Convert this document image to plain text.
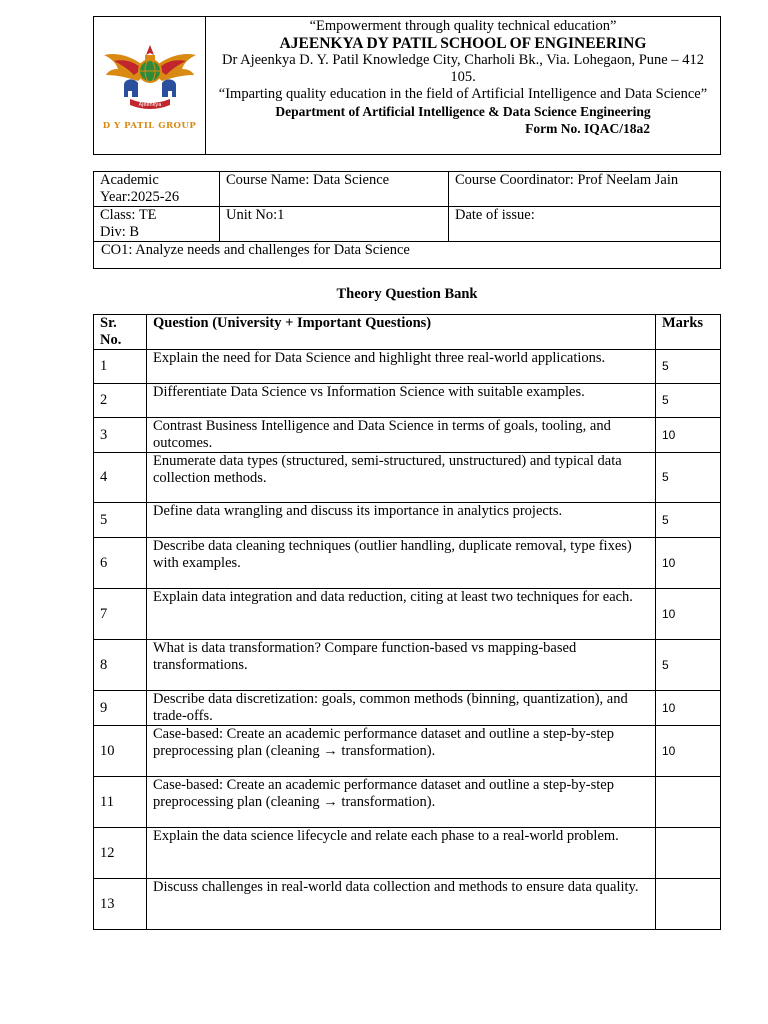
Ajeenkya
D Y PATIL GROUP

“Empowerment through quality technical education”
AJEENKYA DY PATIL SCHOOL OF ENGINEERING
Dr Ajeenkya D. Y. Patil Knowledge City, Charholi Bk., Via. Lohegaon, Pune – 412 105.
“Imparting quality education in the field of Artificial Intelligence and Data Science”
Department of Artificial Intelligence & Data Science Engineering
Form No. IQAC/18a2
Academic Year:2025-26	Course Name: Data Science	Course Coordinator: Prof Neelam Jain

Class: TE
Div: B	Unit No:1	Date of issue:
CO1: Analyze needs and challenges for Data Science		
Theory Question Bank
Sr. No.	Question (University + Important Questions)	Marks
1	Explain the need for Data Science and highlight three real-world applications.	5
2	Differentiate Data Science vs Information Science with suitable examples.	5
3	Contrast Business Intelligence and Data Science in terms of goals, tooling, and outcomes.	10
4	Enumerate data types (structured, semi-structured, unstructured) and typical data collection methods.	5
5	Define data wrangling and discuss its importance in analytics projects.	5
6	Describe data cleaning techniques (outlier handling, duplicate removal, type fixes) with examples.	10
7	Explain data integration and data reduction, citing at least two techniques for each.	10
8	What is data transformation? Compare function-based vs mapping-based transformations.	5
9	Describe data discretization: goals, common methods (binning, quantization), and trade-offs.	10
10	Case-based: Create an academic performance dataset and outline a step-by-step preprocessing plan (cleaning → transformation).	10
11	Case-based: Create an academic performance dataset and outline a step-by-step preprocessing plan (cleaning → transformation).	
12	Explain the data science lifecycle and relate each phase to a real-world problem.	
13	Discuss challenges in real-world data collection and methods to ensure data quality.	
